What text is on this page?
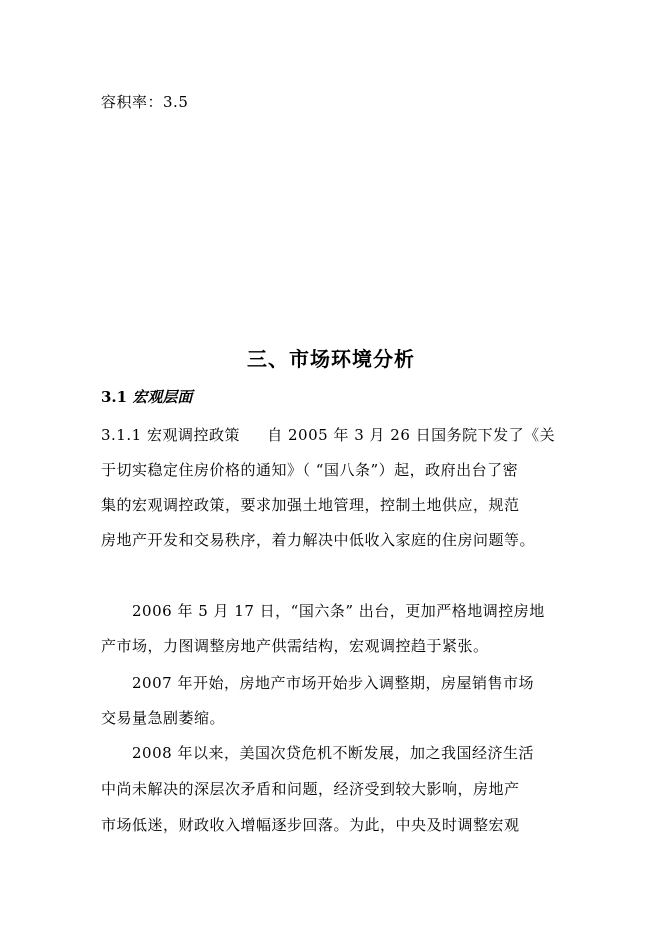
容积率：3.5
三、市场环境分析
3.1 宏观层面
3.1.1 宏观调控政策 自 2005 年 3 月 26 日国务院下发了《关
于切实稳定住房价格的通知》（ “国八条”）起，政府出台了密
集的宏观调控政策，要求加强土地管理，控制土地供应，规范
房地产开发和交易秩序，着力解决中低收入家庭的住房问题等。
2006 年 5 月 17 日，“国六条” 出台，更加严格地调控房地
产市场，力图调整房地产供需结构，宏观调控趋于紧张。
2007 年开始，房地产市场开始步入调整期，房屋销售市场
交易量急剧萎缩。
2008 年以来，美国次贷危机不断发展，加之我国经济生活
中尚未解决的深层次矛盾和问题，经济受到较大影响，房地产
市场低迷，财政收入增幅逐步回落。为此，中央及时调整宏观
